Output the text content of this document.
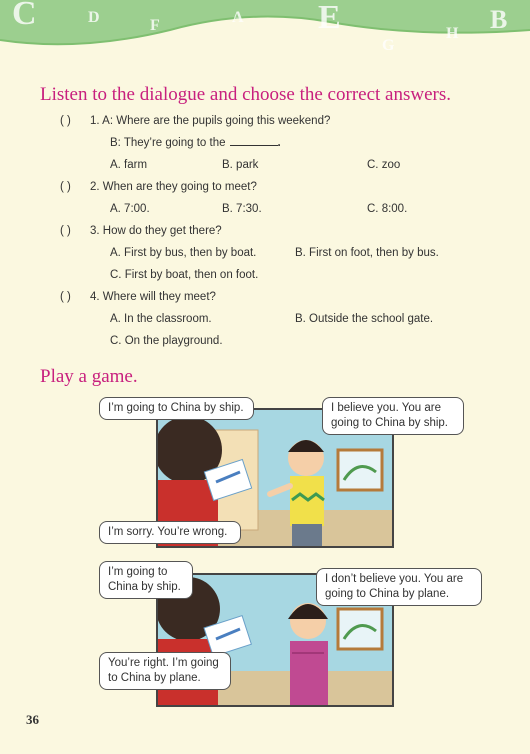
C	D	F	A E
G
H B
Listen to the dialogue and choose the correct answers.
( ) 1. A: Where are the pupils going this weekend?
B: They’re going to the	.
A. farm	B. park	C. zoo
( ) 2. When are they going to meet?
A. 7:00.	B. 7:30.	C. 8:00.
( ) 3. How do they get there?
A. First by bus, then by boat.	B. First on foot, then by bus.
C. First by boat, then on foot.
( ) 4. Where will they meet?
A. In the classroom.	B. Outside the school gate.
C. On the playground.
Play a game.
I’m going to China by ship.	I believe you. You are going to China by ship.
I’m sorry. You’re wrong.
I’m going to China by ship.
I don’t believe you. You are going to China by plane.
You’re right. I’m going to China by plane.
36
